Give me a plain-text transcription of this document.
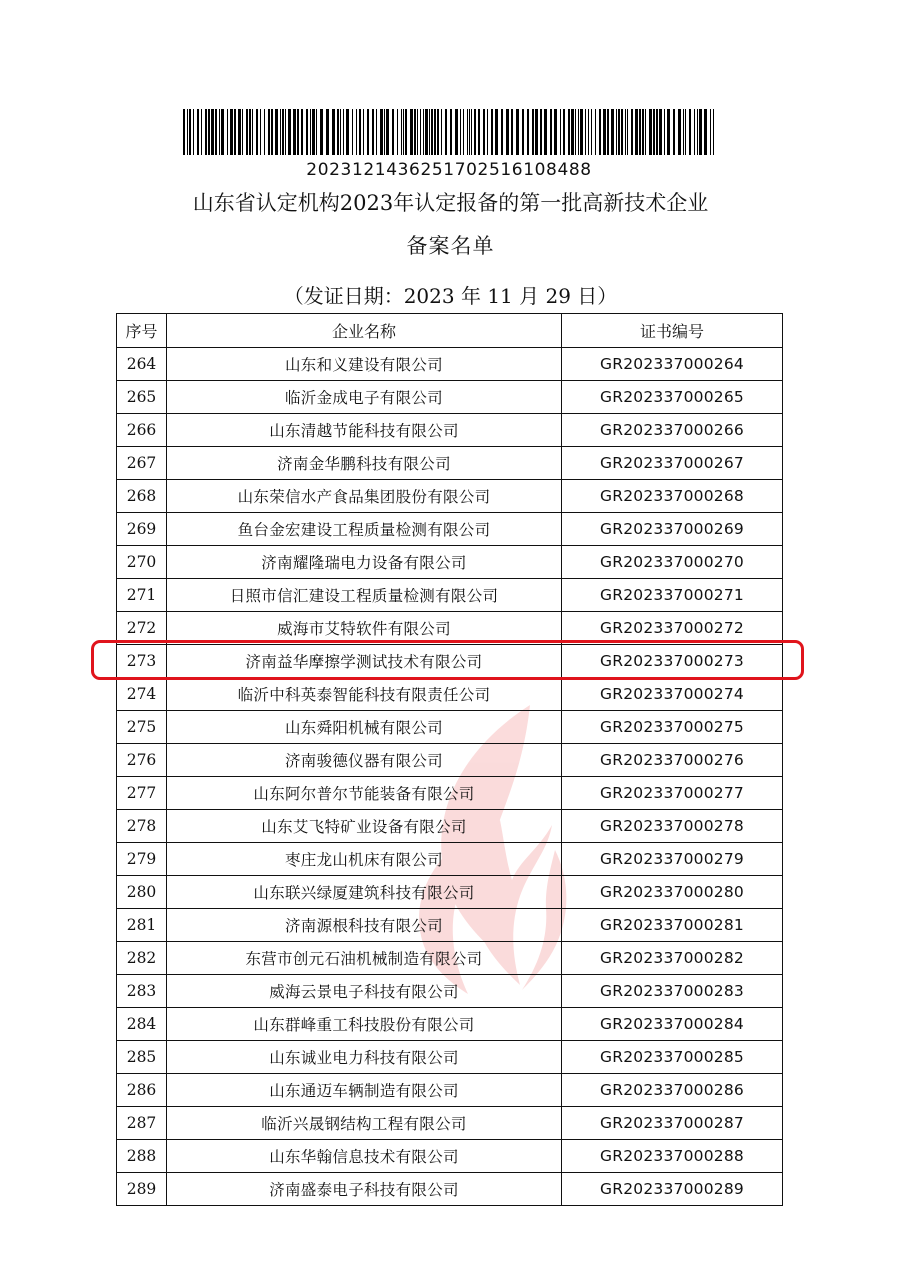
202312143625170251610848​8
山东省认定机构2023年认定报备的第一批高新技术企业
备案名单
（发证日期：2023 年 11 月 29 日）
序号	企业名称	证书编号
264	山东和义建设有限公司	GR202337000264
265	临沂金成电子有限公司	GR202337000265
266	山东清越节能科技有限公司	GR202337000266
267	济南金华鹏科技有限公司	GR202337000267
268	山东荣信水产食品集团股份有限公司	GR202337000268
269	鱼台金宏建设工程质量检测有限公司	GR202337000269
270	济南耀隆瑞电力设备有限公司	GR202337000270
271	日照市信汇建设工程质量检测有限公司	GR202337000271
272	威海市艾特软件有限公司	GR202337000272
273	济南益华摩擦学测试技术有限公司	GR202337000273
274	临沂中科英泰智能科技有限责任公司	GR202337000274
275	山东舜阳机械有限公司	GR202337000275
276	济南骏德仪器有限公司	GR202337000276
277	山东阿尔普尔节能装备有限公司	GR202337000277
278	山东艾飞特矿业设备有限公司	GR202337000278
279	枣庄龙山机床有限公司	GR202337000279
280	山东联兴绿厦建筑科技有限公司	GR202337000280
281	济南源根科技有限公司	GR202337000281
282	东营市创元石油机械制造有限公司	GR202337000282
283	威海云景电子科技有限公司	GR202337000283
284	山东群峰重工科技股份有限公司	GR202337000284
285	山东诚业电力科技有限公司	GR202337000285
286	山东通迈车辆制造有限公司	GR202337000286
287	临沂兴晟钢结构工程有限公司	GR202337000287
288	山东华翰信息技术有限公司	GR202337000288
289	济南盛泰电子科技有限公司	GR202337000289
